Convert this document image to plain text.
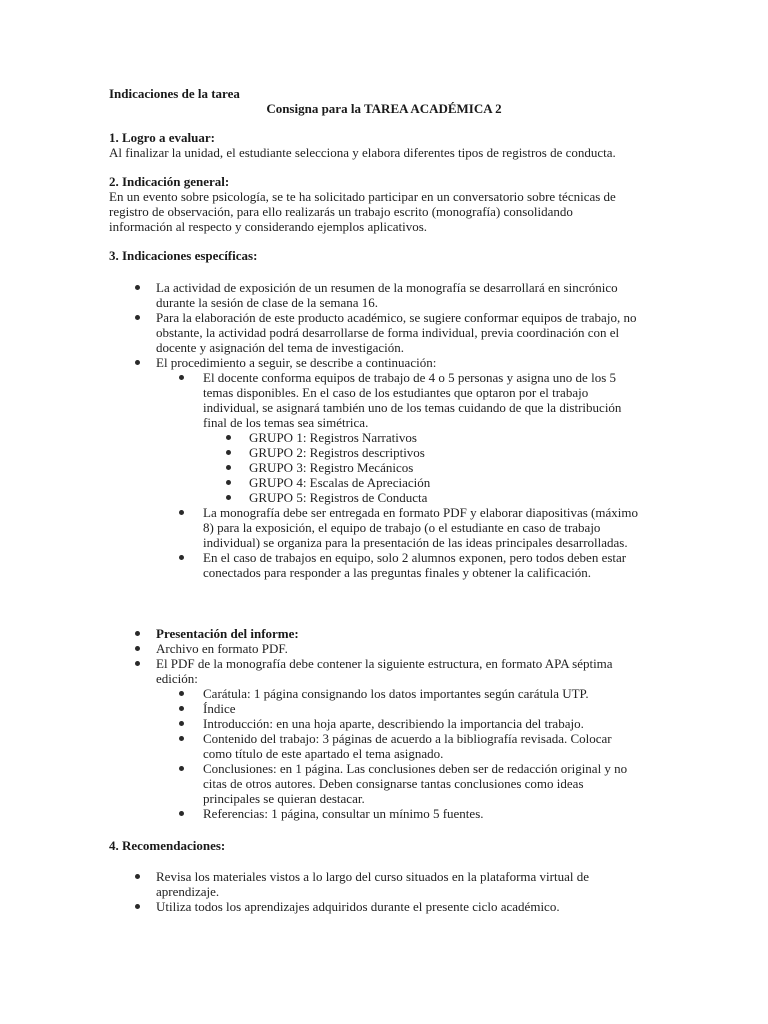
Indicaciones de la tarea
Consigna para la TAREA ACADÉMICA 2
1. Logro a evaluar:
Al finalizar la unidad, el estudiante selecciona y elabora diferentes tipos de registros de conducta.
2. Indicación general:
En un evento sobre psicología, se te ha solicitado participar en un conversatorio sobre técnicas de
registro de observación, para ello realizarás un trabajo escrito (monografía) consolidando
información al respecto y considerando ejemplos aplicativos.
3. Indicaciones específicas:
La actividad de exposición de un resumen de la monografía se desarrollará en sincrónico
durante la sesión de clase de la semana 16.
Para la elaboración de este producto académico, se sugiere conformar equipos de trabajo, no
obstante, la actividad podrá desarrollarse de forma individual, previa coordinación con el
docente y asignación del tema de investigación.
El procedimiento a seguir, se describe a continuación:
El docente conforma equipos de trabajo de 4 o 5 personas y asigna uno de los 5
temas disponibles. En el caso de los estudiantes que optaron por el trabajo
individual, se asignará también uno de los temas cuidando de que la distribución
final de los temas sea simétrica.
GRUPO 1: Registros Narrativos
GRUPO 2: Registros descriptivos
GRUPO 3: Registro Mecánicos
GRUPO 4: Escalas de Apreciación
GRUPO 5: Registros de Conducta
La monografía debe ser entregada en formato PDF y elaborar diapositivas (máximo
8) para la exposición, el equipo de trabajo (o el estudiante en caso de trabajo
individual) se organiza para la presentación de las ideas principales desarrolladas.
En el caso de trabajos en equipo, solo 2 alumnos exponen, pero todos deben estar
conectados para responder a las preguntas finales y obtener la calificación.
Presentación del informe:
Archivo en formato PDF.
El PDF de la monografía debe contener la siguiente estructura, en formato APA séptima
edición:
Carátula: 1 página consignando los datos importantes según carátula UTP.
Índice
Introducción: en una hoja aparte, describiendo la importancia del trabajo.
Contenido del trabajo: 3 páginas de acuerdo a la bibliografía revisada. Colocar
como título de este apartado el tema asignado.
Conclusiones: en 1 página. Las conclusiones deben ser de redacción original y no
citas de otros autores. Deben consignarse tantas conclusiones como ideas
principales se quieran destacar.
Referencias: 1 página, consultar un mínimo 5 fuentes.
4. Recomendaciones:
Revisa los materiales vistos a lo largo del curso situados en la plataforma virtual de
aprendizaje.
Utiliza todos los aprendizajes adquiridos durante el presente ciclo académico.
